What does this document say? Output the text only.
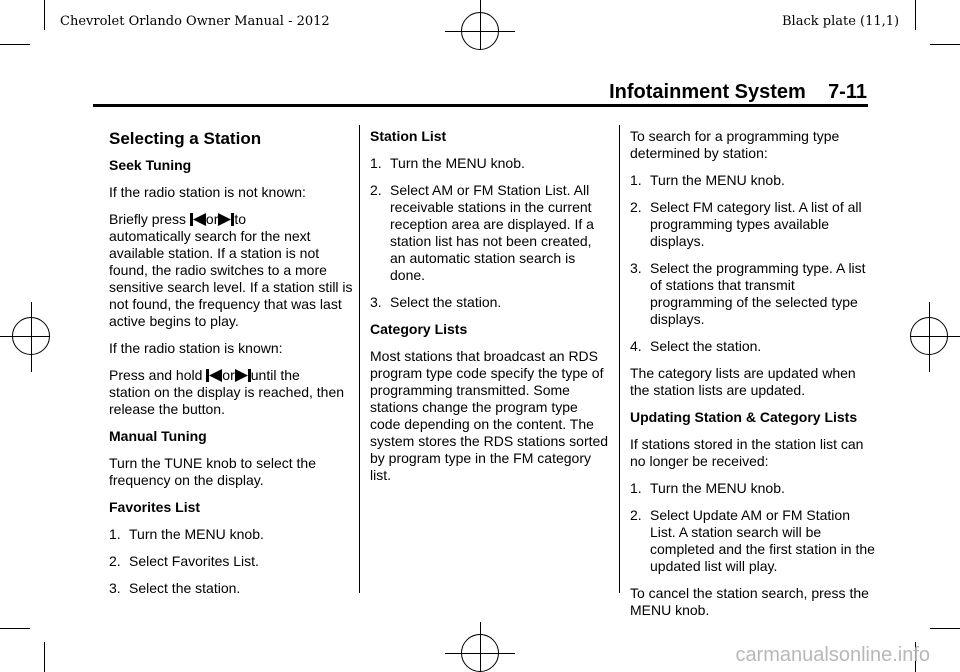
Chevrolet Orlando Owner Manual - 2012	Black plate (11,1)
Infotainment System 7-11

Selecting a Station

Seek Tuning

If the radio station is not known:

Briefly press or to
automatically search for the next available station. If a station is not found, the radio switches to a more sensitive search level. If a station still is not found, the frequency that was last active begins to play.

If the radio station is known:

Press and hold or until the
station on the display is reached, then release the button.

Manual Tuning

Turn the TUNE knob to select the frequency on the display.

Favorites List

1. Turn the MENU knob.
2. Select Favorites List.
3. Select the station.

Station List

1. Turn the MENU knob.
2. Select AM or FM Station List. All receivable stations in the current reception area are displayed. If a station list has not been created, an automatic station search is done.
3. Select the station.

Category Lists

Most stations that broadcast an RDS program type code specify the type of programming transmitted. Some stations change the program type code depending on the content. The system stores the RDS stations sorted by program type in the FM category list.

To search for a programming type determined by station:

1. Turn the MENU knob.
2. Select FM category list. A list of all programming types available displays.
3. Select the programming type. A list of stations that transmit programming of the selected type displays.
4. Select the station.

The category lists are updated when the station lists are updated.

Updating Station & Category Lists

If stations stored in the station list can no longer be received:

1. Turn the MENU knob.
2. Select Update AM or FM Station List. A station search will be completed and the first station in the updated list will play.

To cancel the station search, press the MENU knob.

carmanualsonline.info
